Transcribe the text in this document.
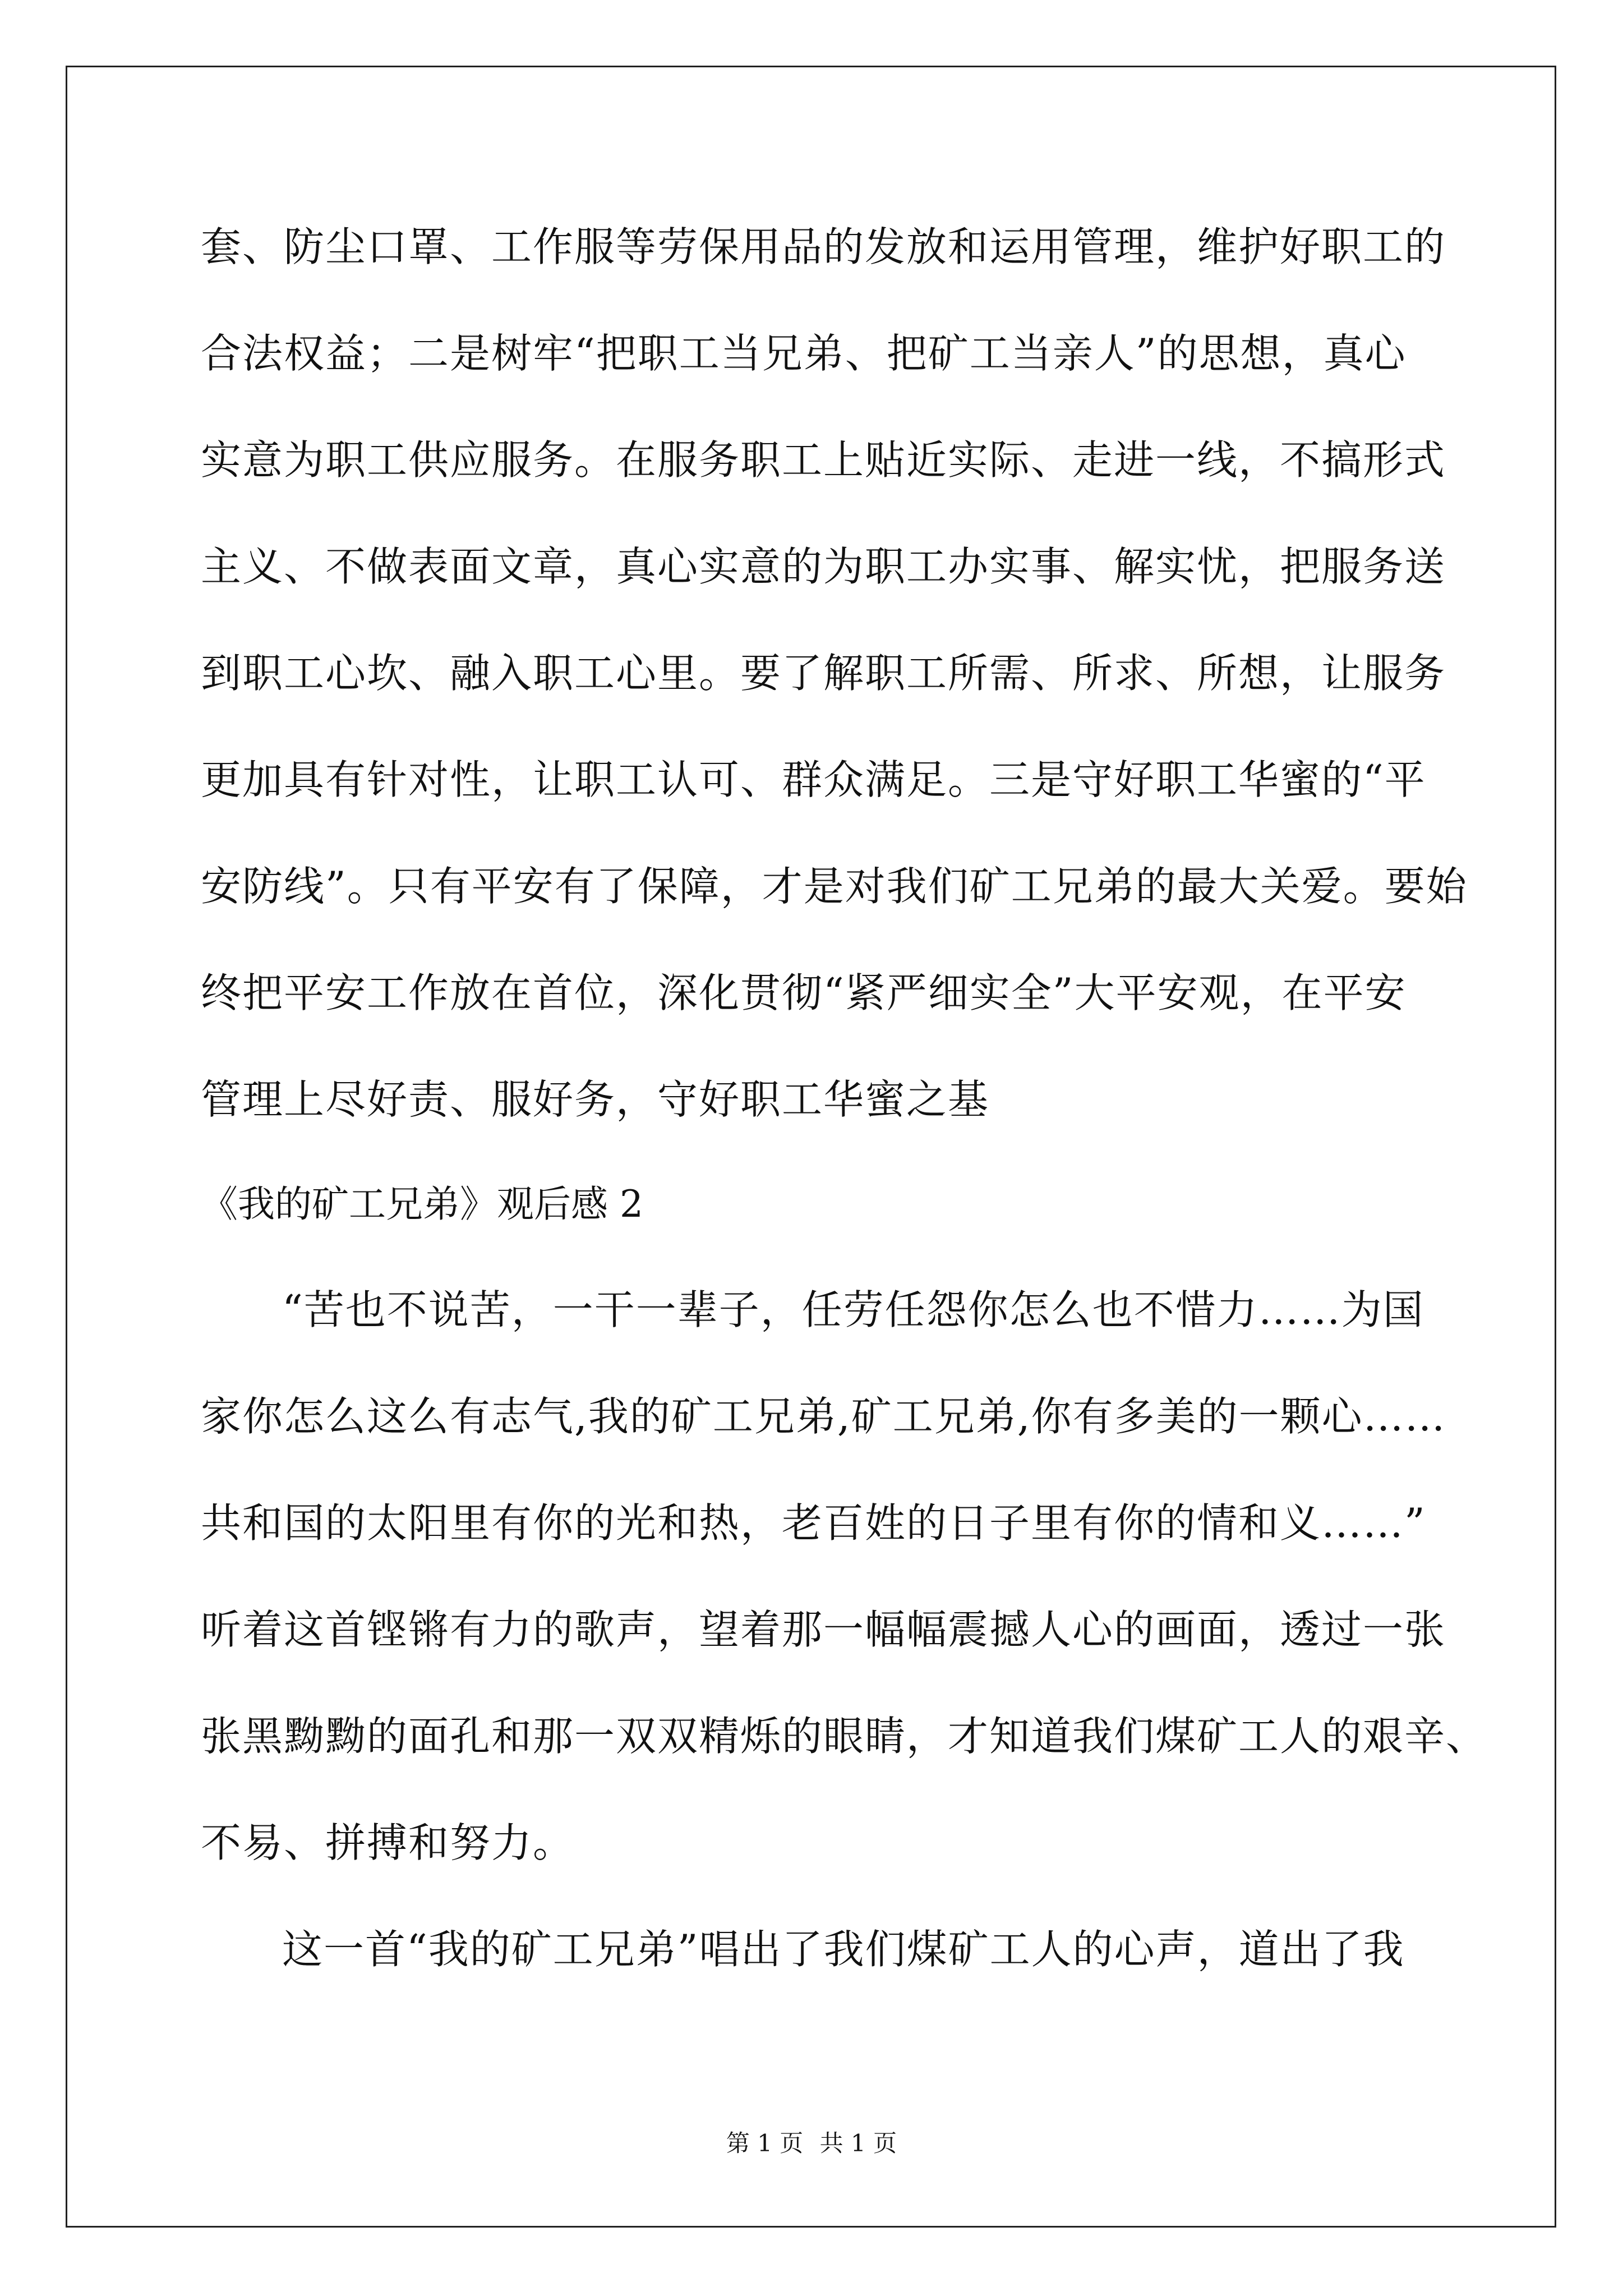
套、防尘口罩、工作服等劳保用品的发放和运用管理，维护好职工的
合法权益；二是树牢“把职工当兄弟、把矿工当亲人”的思想，真心
实意为职工供应服务。在服务职工上贴近实际、走进一线，不搞形式
主义、不做表面文章，真心实意的为职工办实事、解实忧，把服务送
到职工心坎、融入职工心里。要了解职工所需、所求、所想，让服务
更加具有针对性，让职工认可、群众满足。三是守好职工华蜜的“平
安防线”。只有平安有了保障，才是对我们矿工兄弟的最大关爱。要始
终把平安工作放在首位，深化贯彻“紧严细实全”大平安观，在平安
管理上尽好责、服好务，守好职工华蜜之基
《我的矿工兄弟》观后感 2
“苦也不说苦，一干一辈子，任劳任怨你怎么也不惜力……为国
家你怎么这么有志气,我的矿工兄弟,矿工兄弟,你有多美的一颗心……
共和国的太阳里有你的光和热，老百姓的日子里有你的情和义……”
听着这首铿锵有力的歌声，望着那一幅幅震撼人心的画面，透过一张
张黑黝黝的面孔和那一双双精烁的眼睛，才知道我们煤矿工人的艰辛、
不易、拼搏和努力。
这一首“我的矿工兄弟”唱出了我们煤矿工人的心声，道出了我
第 1 页 共 1 页
